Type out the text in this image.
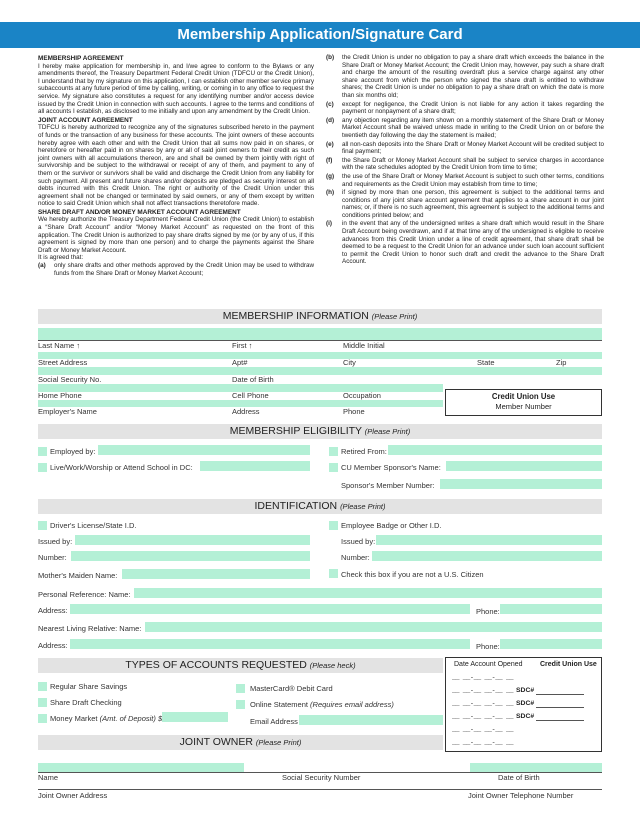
Membership Application/Signature Card
MEMBERSHIP AGREEMENT

I hereby make application for membership in, and I/we agree to conform to the Bylaws or any amendments thereof, the Treasury Department Federal Credit Union (TDFCU or the Credit Union), I understand that by my signature on this application, I can establish other member service primary subaccounts at any future period of time by calling, writing, or coming in to any office to request the service. My signature also constitutes a request for any identifying number and/or access device issued by the Credit Union in connection with such accounts. I agree to the terms and conditions of all accounts I establish, as disclosed to me initially and upon any amendment by the Credit Union.

JOINT ACCOUNT AGREEMENT

TDFCU is hereby authorized to recognize any of the signatures subscribed hereto in the payment of funds or the transaction of any business for these accounts. The joint owners of these accounts hereby agree with each other and with the Credit Union that all sums now paid in on shares, or heretofore or hereafter paid in on shares by any or all of said joint owners to their credit as such joint owners with all accumulations thereon, are and shall be owned by them jointly with right of survivorship and be subject to the withdrawal or receipt of any of them, and payment to any of them or the survivor or survivors shall be valid and discharge the Credit Union from any liability for such payment. All present and future shares and/or deposits are pledged as security interest on all debts incurred with this Credit Union. The right or authority of the Credit Union under this agreement shall not be changed or terminated by said owners, or any of them except by written notice to said Credit Union which shall not affect transactions theretofore made.

SHARE DRAFT AND/OR MONEY MARKET ACCOUNT AGREEMENT

We hereby authorize the Treasury Department Federal Credit Union (the Credit Union) to establish a “Share Draft Account” and/or “Money Market Account” as requested on the front of this application. The Credit Union is authorized to pay share drafts signed by me (or by any of us, if this agreement is signed by more than one person) and to charge the payments against the Share Draft or Money Market Account.

It is agreed that:

(a)	only share drafts and other methods approved by the Credit Union may be used to withdraw funds from the Share Draft or Money Market Account;
(b)	the Credit Union is under no obligation to pay a share draft which exceeds the balance in the Share Draft or Money Market Account; the Credit Union may, however, pay such a share draft and charge the amount of the resulting overdraft plus a service charge against any other share account from which the person who signed the share draft is entitled to withdraw shares; the Credit Union is under no obligation to pay a share draft on which the date is more than six months old;
(c)	except for negligence, the Credit Union is not liable for any action it takes regarding the payment or nonpayment of a share draft;
(d)	any objection regarding any item shown on a monthly statement of the Share Draft or Money Market Account shall be waived unless made in writing to the Credit Union on or before the twentieth day following the day the statement is mailed;
(e)	all non-cash deposits into the Share Draft or Money Market Account will be credited subject to final payment;
(f)	the Share Draft or Money Market Account shall be subject to service charges in accordance with the rate schedules adopted by the Credit Union from time to time;
(g)	the use of the Share Draft or Money Market Account is subject to such other terms, conditions and requirements as the Credit Union may establish from time to time;
(h)	if signed by more than one person, this agreement is subject to the additional terms and conditions of any joint share account agreement that applies to a share account in our joint names; or, if there is no such agreement, this agreement is subject to the additional terms and conditions printed below; and
(i)	in the event that any of the undersigned writes a share draft which would result in the Share Draft Account being overdrawn, and if at that time any of the undersigned is eligible to receive advances from this Credit Union under a line of credit agreement, that share draft shall be deemed to be a request to the Credit Union for an advance under such loan account sufficient to permit the Credit Union to honor such draft and credit the advance to the Share Draft Account.
MEMBERSHIP INFORMATION (Please Print)
Last Name ↑	First ↑	Middle Initial
Street Address	Apt#	City	State	Zip
Social Security No.	Date of Birth
Home Phone	Cell Phone	Occupation
Employer's Name	Address	Phone
Credit Union Use
Member Number
MEMBERSHIP ELIGIBILITY (Please Print)
Employed by:
Live/Work/Worship or Attend School in DC:
Retired From:
CU Member Sponsor's Name:
Sponsor's Member Number:
IDENTIFICATION (Please Print)
Driver's License/State I.D.
Issued by:
Number:
Mother's Maiden Name:
Employee Badge or Other I.D.
Issued by:
Number:
Check this box if you are not a U.S. Citizen
Personal Reference: Name:
Address:	Phone:
Nearest Living Relative: Name:
Address:	Phone:
TYPES OF ACCOUNTS REQUESTED (Please heck)
Regular Share Savings
Share Draft Checking
Money Market (Amt. of Deposit) $
MasterCard® Debit Card
Online Statement (Requires email address)
Email Address
Date Account Opened	Credit Union Use
__ __-__ __-__ __
__ __-__ __-__ __ SDC#
__ __-__ __-__ __ SDC#
__ __-__ __-__ __ SDC#
__ __-__ __-__ __
__ __-__ __-__ __
JOINT OWNER (Please Print)
Name	Social Security Number	Date of Birth
Joint Owner Address	Joint Owner Telephone Number
